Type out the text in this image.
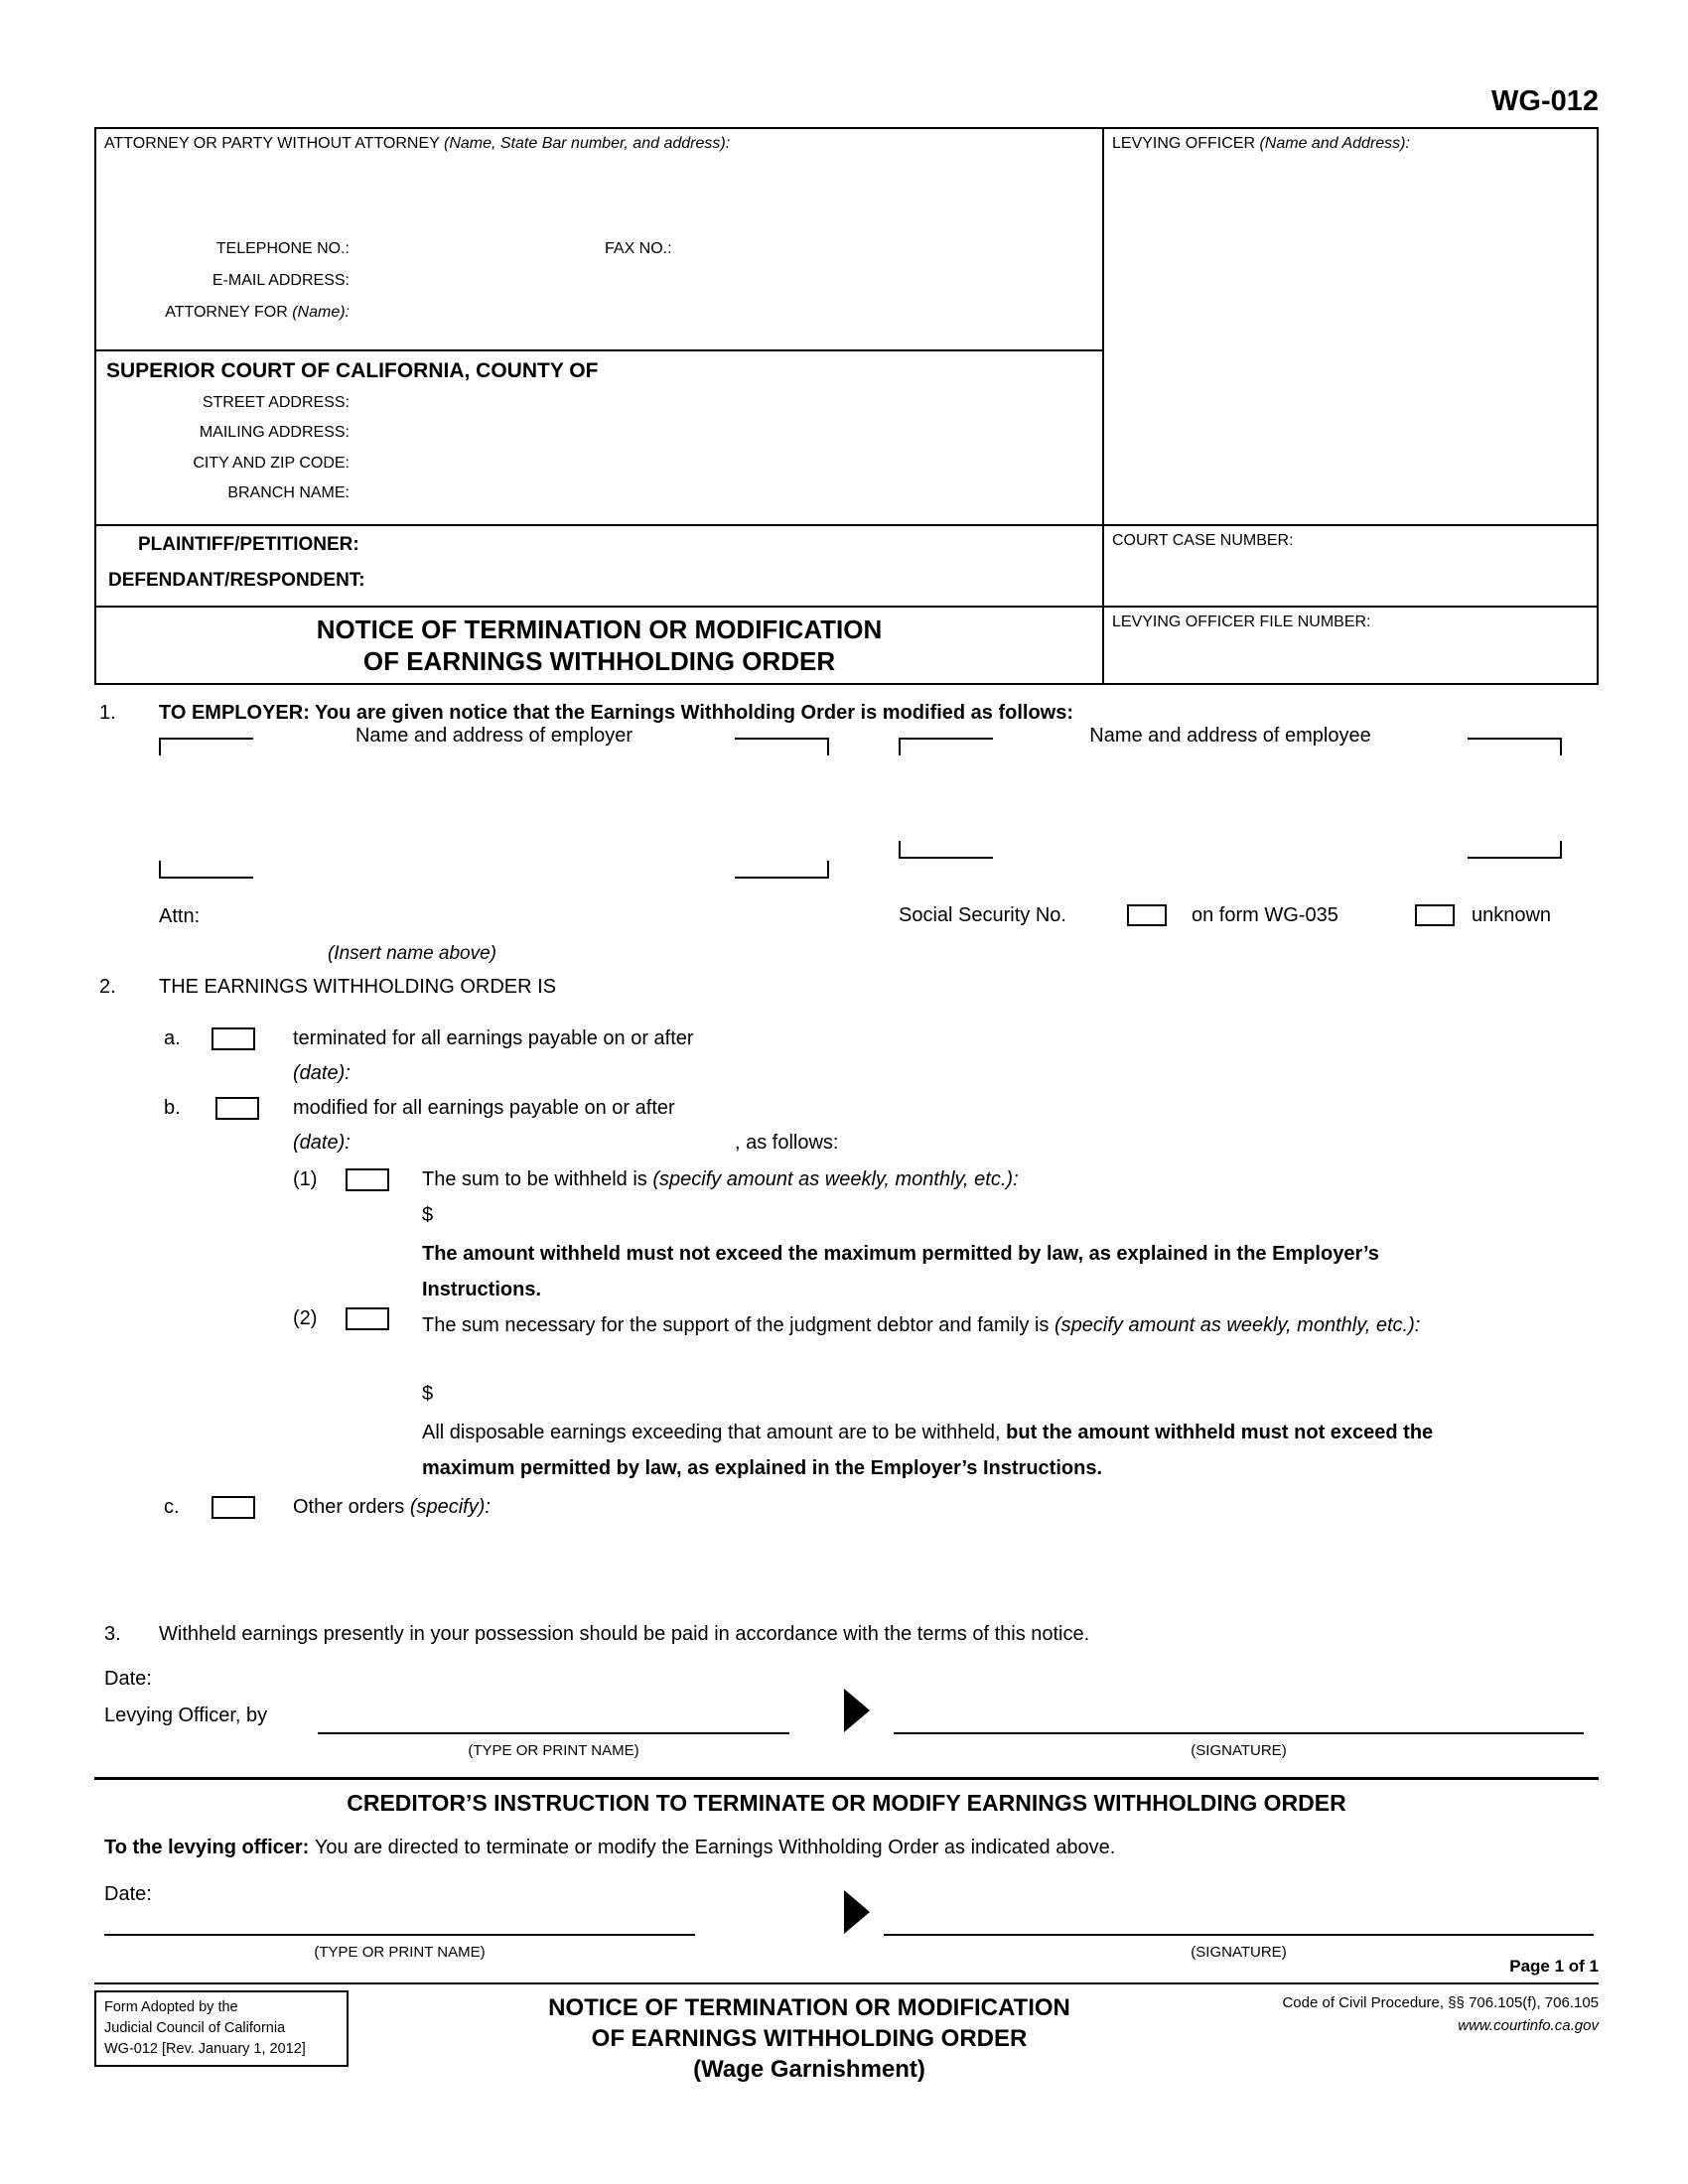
WG-012
ATTORNEY OR PARTY WITHOUT ATTORNEY (Name, State Bar number, and address):
TELEPHONE NO.:	FAX NO.:
E-MAIL ADDRESS:
ATTORNEY FOR (Name):
SUPERIOR COURT OF CALIFORNIA, COUNTY OF
STREET ADDRESS:
MAILING ADDRESS:
CITY AND ZIP CODE:
BRANCH NAME:
PLAINTIFF/PETITIONER:
DEFENDANT/RESPONDENT:
NOTICE OF TERMINATION OR MODIFICATION
OF EARNINGS WITHHOLDING ORDER
LEVYING OFFICER (Name and Address):
COURT CASE NUMBER:
LEVYING OFFICER FILE NUMBER:
1. TO EMPLOYER: You are given notice that the Earnings Withholding Order is modified as follows:
Name and address of employer	Name and address of employee
Attn:
(Insert name above)
Social Security No.	on form WG-035	unknown
2. THE EARNINGS WITHHOLDING ORDER IS
a.	terminated for all earnings payable on or after
(date):
b.	modified for all earnings payable on or after
(date):	, as follows:
(1)	The sum to be withheld is (specify amount as weekly, monthly, etc.):
$
The amount withheld must not exceed the maximum permitted by law, as explained in the Employer’s Instructions.
(2)	The sum necessary for the support of the judgment debtor and family is (specify amount as weekly, monthly, etc.):
$
All disposable earnings exceeding that amount are to be withheld, but the amount withheld must not exceed the maximum permitted by law, as explained in the Employer’s Instructions.
c.	Other orders (specify):
3. Withheld earnings presently in your possession should be paid in accordance with the terms of this notice.
Date:
Levying Officer, by
(TYPE OR PRINT NAME)	(SIGNATURE)
CREDITOR’S INSTRUCTION TO TERMINATE OR MODIFY EARNINGS WITHHOLDING ORDER
To the levying officer: You are directed to terminate or modify the Earnings Withholding Order as indicated above.
Date:
(TYPE OR PRINT NAME)	(SIGNATURE)
Page 1 of 1
Form Adopted by the
Judicial Council of California
WG-012 [Rev. January 1, 2012]
NOTICE OF TERMINATION OR MODIFICATION
OF EARNINGS WITHHOLDING ORDER
(Wage Garnishment)
Code of Civil Procedure, §§ 706.105(f), 706.105
www.courtinfo.ca.gov
